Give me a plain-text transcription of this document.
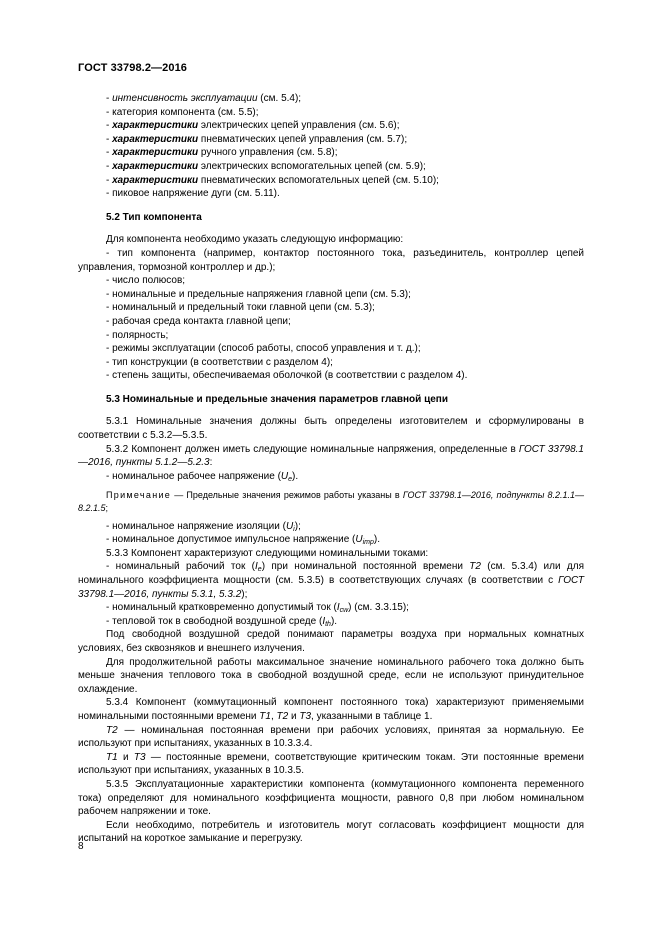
ГОСТ 33798.2—2016

- интенсивность эксплуатации (см. 5.4);

- категория компонента (см. 5.5);

- характеристики электрических цепей управления (см. 5.6);

- характеристики пневматических цепей управления (см. 5.7);

- характеристики ручного управления (см. 5.8);

- характеристики электрических вспомогательных цепей (см. 5.9);

- характеристики пневматических вспомогательных цепей (см. 5.10);

- пиковое напряжение дуги (см. 5.11).

5.2 Тип компонента

Для компонента необходимо указать следующую информацию:

- тип компонента (например, контактор постоянного тока, разъединитель, контроллер цепей управления, тормозной контроллер и др.);

- число полюсов;

- номинальные и предельные напряжения главной цепи (см. 5.3);

- номинальный и предельный токи главной цепи (см. 5.3);

- рабочая среда контакта главной цепи;

- полярность;

- режимы эксплуатации (способ работы, способ управления и т. д.);

- тип конструкции (в соответствии с разделом 4);

- степень защиты, обеспечиваемая оболочкой (в соответствии с разделом 4).

5.3 Номинальные и предельные значения параметров главной цепи

5.3.1 Номинальные значения должны быть определены изготовителем и сформулированы в соответствии с 5.3.2—5.3.5.

5.3.2 Компонент должен иметь следующие номинальные напряжения, определенные в ГОСТ 33798.1—2016, пункты 5.1.2—5.2.3:

- номинальное рабочее напряжение $(U_e)$.

Примечание — Предельные значения режимов работы указаны в ГОСТ 33798.1—2016, подпункты 8.2.1.1—8.2.1.5;

- номинальное напряжение изоляции $(U_i)$;

- номинальное допустимое импульсное напряжение $(U_{imp})$.

5.3.3 Компонент характеризуют следующими номинальными токами:

- номинальный рабочий ток $(I_e)$ при номинальной постоянной времени T2 (см. 5.3.4) или для номинального коэффициента мощности (см. 5.3.5) в соответствующих случаях (в соответствии с ГОСТ 33798.1—2016, пункты 5.3.1, 5.3.2);

- номинальный кратковременно допустимый ток $(I_{cw})$ (см. 3.3.15);

- тепловой ток в свободной воздушной среде $(I_{th})$.

Под свободной воздушной средой понимают параметры воздуха при нормальных комнатных условиях, без сквозняков и внешнего излучения.

Для продолжительной работы максимальное значение номинального рабочего тока должно быть меньше значения теплового тока в свободной воздушной среде, если не используют принудительное охлаждение.

5.3.4 Компонент (коммутационный компонент постоянного тока) характеризуют применяемыми номинальными постоянными времени T1, T2 и T3, указанными в таблице 1.

T2 — номинальная постоянная времени при рабочих условиях, принятая за нормальную. Ее используют при испытаниях, указанных в 10.3.3.4.

T1 и T3 — постоянные времени, соответствующие критическим токам. Эти постоянные времени используют при испытаниях, указанных в 10.3.5.

5.3.5 Эксплуатационные характеристики компонента (коммутационного компонента переменного тока) определяют для номинального коэффициента мощности, равного 0,8 при любом номинальном рабочем напряжении и токе.

Если необходимо, потребитель и изготовитель могут согласовать коэффициент мощности для испытаний на короткое замыкание и перегрузку.

8
